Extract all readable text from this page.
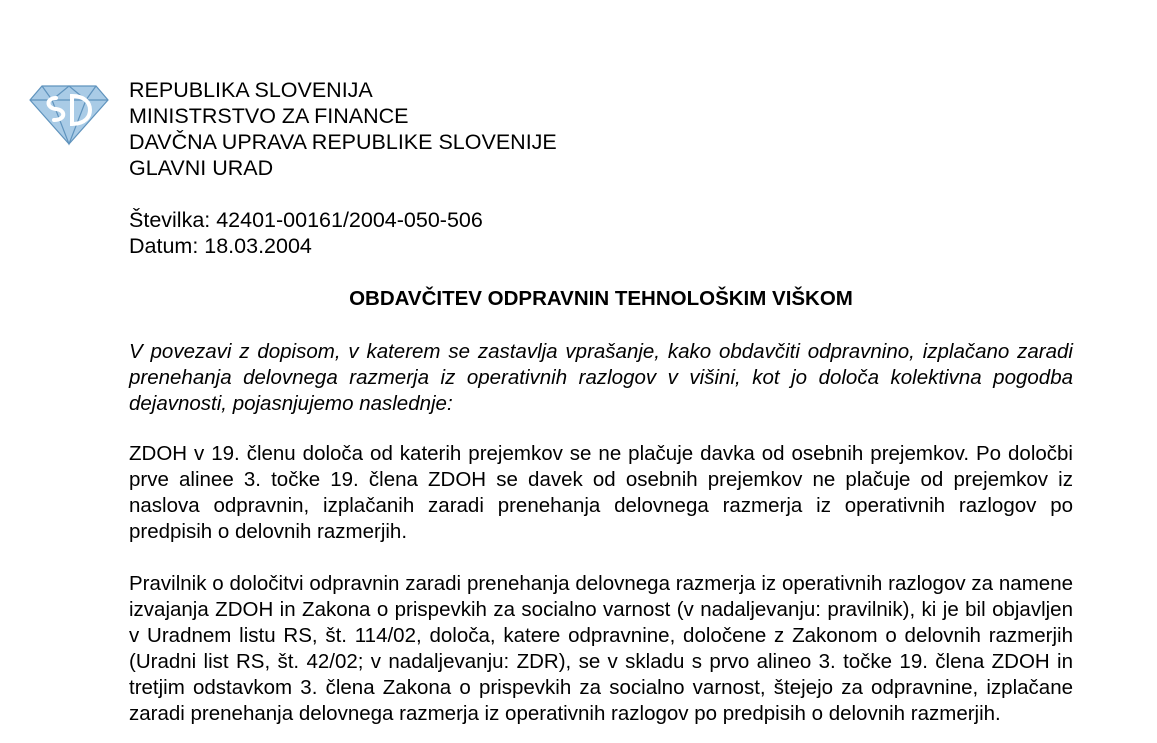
REPUBLIKA SLOVENIJA
MINISTRSTVO ZA FINANCE
DAVČNA UPRAVA REPUBLIKE SLOVENIJE
GLAVNI URAD
Številka: 42401-00161/2004-050-506
Datum: 18.03.2004
OBDAVČITEV ODPRAVNIN TEHNOLOŠKIM VIŠKOM

V povezavi z dopisom, v katerem se zastavlja vprašanje, kako obdavčiti odpravnino, izplačano zaradi prenehanja delovnega razmerja iz operativnih razlogov v višini, kot jo določa kolektivna pogodba dejavnosti, pojasnjujemo naslednje:

ZDOH v 19. členu določa od katerih prejemkov se ne plačuje davka od osebnih prejemkov. Po določbi prve alinee 3. točke 19. člena ZDOH se davek od osebnih prejemkov ne plačuje od prejemkov iz naslova odpravnin, izplačanih zaradi prenehanja delovnega razmerja iz operativnih razlogov po predpisih o delovnih razmerjih.

Pravilnik o določitvi odpravnin zaradi prenehanja delovnega razmerja iz operativnih razlogov za namene izvajanja ZDOH in Zakona o prispevkih za socialno varnost (v nadaljevanju: pravilnik), ki je bil objavljen v Uradnem listu RS, št. 114/02, določa, katere odpravnine, določene z Zakonom o delovnih razmerjih (Uradni list RS, št. 42/02; v nadaljevanju: ZDR), se v skladu s prvo alineo 3. točke 19. člena ZDOH in tretjim odstavkom 3. člena Zakona o prispevkih za socialno varnost, štejejo za odpravnine, izplačane zaradi prenehanja delovnega razmerja iz operativnih razlogov po predpisih o delovnih razmerjih.
